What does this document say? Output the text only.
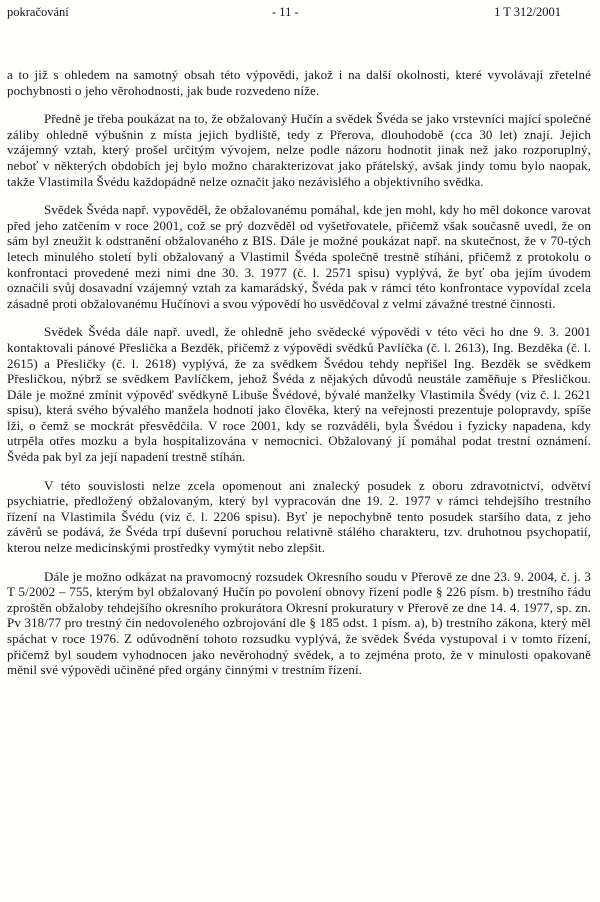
pokračování	- 11 -	1 T 312/2001

a to již s ohledem na samotný obsah této výpovědi, jakož i na další okolnosti, které vyvolávají zřetelné pochybnosti o jeho věrohodnosti, jak bude rozvedeno níže.

Předně je třeba poukázat na to, že obžalovaný Hučín a svědek Švéda se jako vrstevníci mající společné záliby ohledně výbušnin z místa jejich bydliště, tedy z Přerova, dlouhodobě (cca 30 let) znají. Jejich vzájemný vztah, který prošel určitým vývojem, nelze podle názoru hodnotit jinak než jako rozporuplný, neboť v některých obdobích jej bylo možno charakterizovat jako přátelský, avšak jindy tomu bylo naopak, takže Vlastimila Švédu každopádně nelze označit jako nezávislého a objektivního svědka.

Svědek Švéda např. vypověděl, že obžalovanému pomáhal, kde jen mohl, kdy ho měl dokonce varovat před jeho zatčením v roce 2001, což se prý dozvěděl od vyšetřovatele, přičemž však současně uvedl, že on sám byl zneužit k odstranění obžalovaného z BIS. Dále je možné poukázat např. na skutečnost, že v 70-tých letech minulého století byli obžalovaný a Vlastimil Švéda společně trestně stíháni, přičemž z protokolu o konfrontaci provedené mezi nimi dne 30. 3. 1977 (č. l. 2571 spisu) vyplývá, že byť oba jejím úvodem označili svůj dosavadní vzájemný vztah za kamarádský, Švéda pak v rámci této konfrontace vypovídal zcela zásadně proti obžalovanému Hučínovi a svou výpovědí ho usvědčoval z velmi závažné trestné činnosti.

Svědek Švéda dále např. uvedl, že ohledně jeho svědecké výpovědi v této věci ho dne 9. 3. 2001 kontaktovali pánové Přeslička a Bezděk, přičemž z výpovědi svědků Pavlíčka (č. l. 2613), Ing. Bezděka (č. l. 2615) a Přesličky (č. l. 2618) vyplývá, že za svědkem Švédou tehdy nepřišel Ing. Bezděk se svědkem Přesličkou, nýbrž se svědkem Pavlíčkem, jehož Švéda z nějakých důvodů neustále zaměňuje s Přesličkou. Dále je možné zmínit výpověď svědkyně Libuše Švédové, bývalé manželky Vlastimila Švédy (viz č. l. 2621 spisu), která svého bývalého manžela hodnotí jako člověka, který na veřejnosti prezentuje polopravdy, spíše lži, o čemž se mockrát přesvědčila. V roce 2001, kdy se rozváděli, byla Švédou i fyzicky napadena, kdy utrpěla otřes mozku a byla hospitalizována v nemocnici. Obžalovaný jí pomáhal podat trestní oznámení. Švéda pak byl za její napadení trestně stíhán.

V této souvislosti nelze zcela opomenout ani znalecký posudek z oboru zdravotnictví, odvětví psychiatrie, předložený obžalovaným, který byl vypracován dne 19. 2. 1977 v rámci tehdejšího trestního řízení na Vlastimila Švédu (viz č. l. 2206 spisu). Byť je nepochybně tento posudek staršího data, z jeho závěrů se podává, že Švéda trpí duševní poruchou relativně stálého charakteru, tzv. druhotnou psychopatií, kterou nelze medicinskými prostředky vymýtit nebo zlepšit.

Dále je možno odkázat na pravomocný rozsudek Okresního soudu v Přerově ze dne 23. 9. 2004, č. j. 3 T 5/2002 – 755, kterým byl obžalovaný Hučín po povolení obnovy řízení podle § 226 písm. b) trestního řádu zproštěn obžaloby tehdejšího okresního prokurátora Okresní prokuratury v Přerově ze dne 14. 4. 1977, sp. zn. Pv 318/77 pro trestný čin nedovoleného ozbrojování dle § 185 odst. 1 písm. a), b) trestního zákona, který měl spáchat v roce 1976. Z odůvodnění tohoto rozsudku vyplývá, že svědek Švéda vystupoval i v tomto řízení, přičemž byl soudem vyhodnocen jako nevěrohodný svědek, a to zejména proto, že v minulosti opakovaně měnil své výpovědi učiněné před orgány činnými v trestním řízení.
